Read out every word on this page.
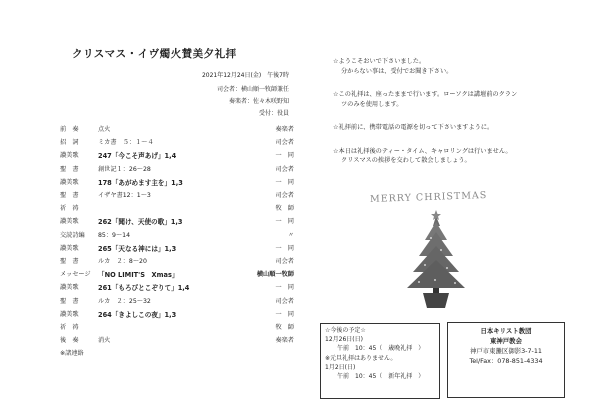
クリスマス・イヴ燭火賛美夕礼拝
2021年12月24日(金)　午後7時
司会者：横山順一牧師兼任
奏楽者：佐々木咲野知
受付：役員
前　奏	点火	奏楽者
招　詞	ミカ書　５：１～４	司会者
讃美歌	247「今こそ声あげ」1,4	一　同
聖　書	創世記１：26～28	司会者
讃美歌	178「あがめます主を」1,3	一　同
聖　書	イザヤ書12：1～3	司会者
祈　祷	牧　師
讃美歌	262「聞け、天使の歌」1,3	一　同
交読詩編 85：9～14	〃
讃美歌	265「天なる神には」1,3	一　同
聖　書	ルカ　２：8～20	司会者
メッセージ 「NO LIMIT'S　Xmas」	横山順一牧師
讃美歌	261「もろびとこぞりて」1,4	一　同
聖　書	ルカ　２：25～32	司会者
讃美歌	264「きよしこの夜」1,3	一　同
祈　祷	牧　師
後　奏	消火	奏楽者
※諸連絡

☆ようこそおいで下さいました。
分からない事は、受付でお聞き下さい。

☆この礼拝は、座ったままで行います。ローソクは講壇前のクラン
ツのみを使用します。

☆礼拝前に、携帯電話の電源を切って下さいますように。

☆本日は礼拝後のティー・タイム、キャロリングは行いません。
クリスマスの挨拶を交わして散会しましょう。

MERRY CHRISTMAS
☆今後の予定☆
12月26日(日)
午前　10：45（　歳晩礼拝　）
※元旦礼拝はありません。
1月2日(日)
午前　10：45（　新年礼拝　）
日本キリスト教団
東神戸教会
神戸市東灘区御影3-7-11
Tel/Fax：078-851-4334
